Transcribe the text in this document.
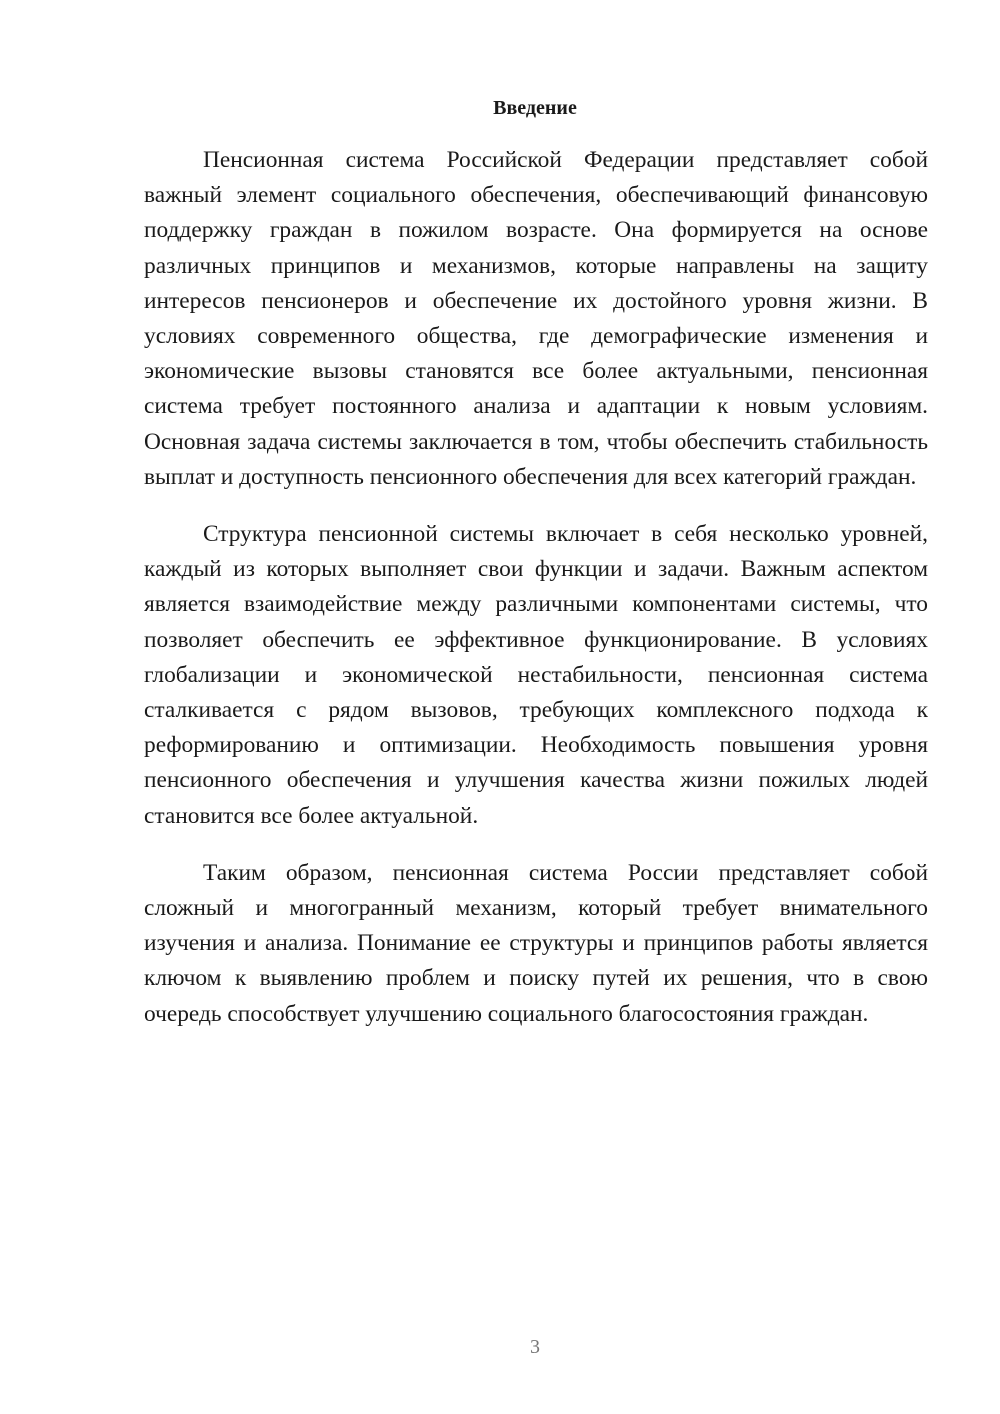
Введение

Пенсионная система Российской Федерации представляет собой важный элемент социального обеспечения, обеспечивающий финансовую поддержку граждан в пожилом возрасте. Она формируется на основе различных принципов и механизмов, которые направлены на защиту интересов пенсионеров и обеспечение их достойного уровня жизни. В условиях современного общества, где демографические изменения и экономические вызовы становятся все более актуальными, пенсионная система требует постоянного анализа и адаптации к новым условиям. Основная задача системы заключается в том, чтобы обеспечить стабильность выплат и доступность пенсионного обеспечения для всех категорий граждан.

Структура пенсионной системы включает в себя несколько уровней, каждый из которых выполняет свои функции и задачи. Важным аспектом является взаимодействие между различными компонентами системы, что позволяет обеспечить ее эффективное функционирование. В условиях глобализации и экономической нестабильности, пенсионная система сталкивается с рядом вызовов, требующих комплексного подхода к реформированию и оптимизации. Необходимость повышения уровня пенсионного обеспечения и улучшения качества жизни пожилых людей становится все более актуальной.

Таким образом, пенсионная система России представляет собой сложный и многогранный механизм, который требует внимательного изучения и анализа. Понимание ее структуры и принципов работы является ключом к выявлению проблем и поиску путей их решения, что в свою очередь способствует улучшению социального благосостояния граждан.

3
